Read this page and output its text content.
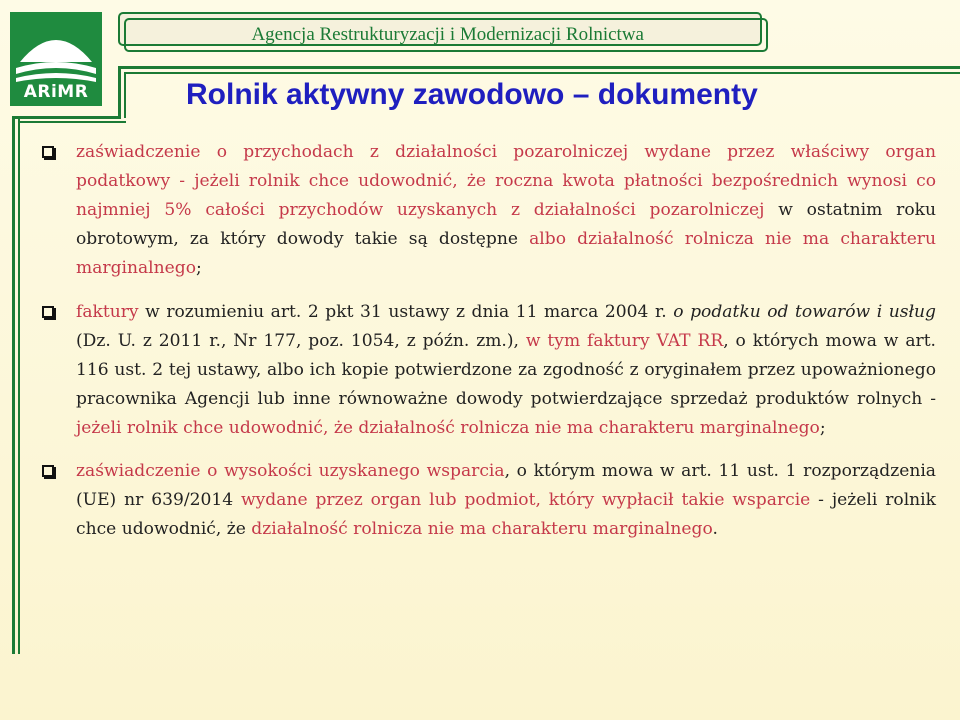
ARiMR
Agencja Restrukturyzacji i Modernizacji Rolnictwa
Rolnik aktywny zawodowo – dokumenty
zaświadczenie o przychodach z działalności pozarolniczej wydane przez właściwy organ podatkowy - jeżeli rolnik chce udowodnić, że roczna kwota płatności bezpośrednich wynosi co najmniej 5% całości przychodów uzyskanych z działalności pozarolniczej w ostatnim roku obrotowym, za który dowody takie są dostępne albo działalność rolnicza nie ma charakteru marginalnego;
faktury w rozumieniu art. 2 pkt 31 ustawy z dnia 11 marca 2004 r. o podatku od towarów i usług (Dz. U. z 2011 r., Nr 177, poz. 1054, z późn. zm.), w tym faktury VAT RR, o których mowa w art. 116 ust. 2 tej ustawy, albo ich kopie potwierdzone za zgodność z oryginałem przez upoważnionego pracownika Agencji lub inne równoważne dowody potwierdzające sprzedaż produktów rolnych - jeżeli rolnik chce udowodnić, że działalność rolnicza nie ma charakteru marginalnego;
zaświadczenie o wysokości uzyskanego wsparcia, o którym mowa w art. 11 ust. 1 rozporządzenia (UE) nr 639/2014 wydane przez organ lub podmiot, który wypłacił takie wsparcie - jeżeli rolnik chce udowodnić, że działalność rolnicza nie ma charakteru marginalnego.
